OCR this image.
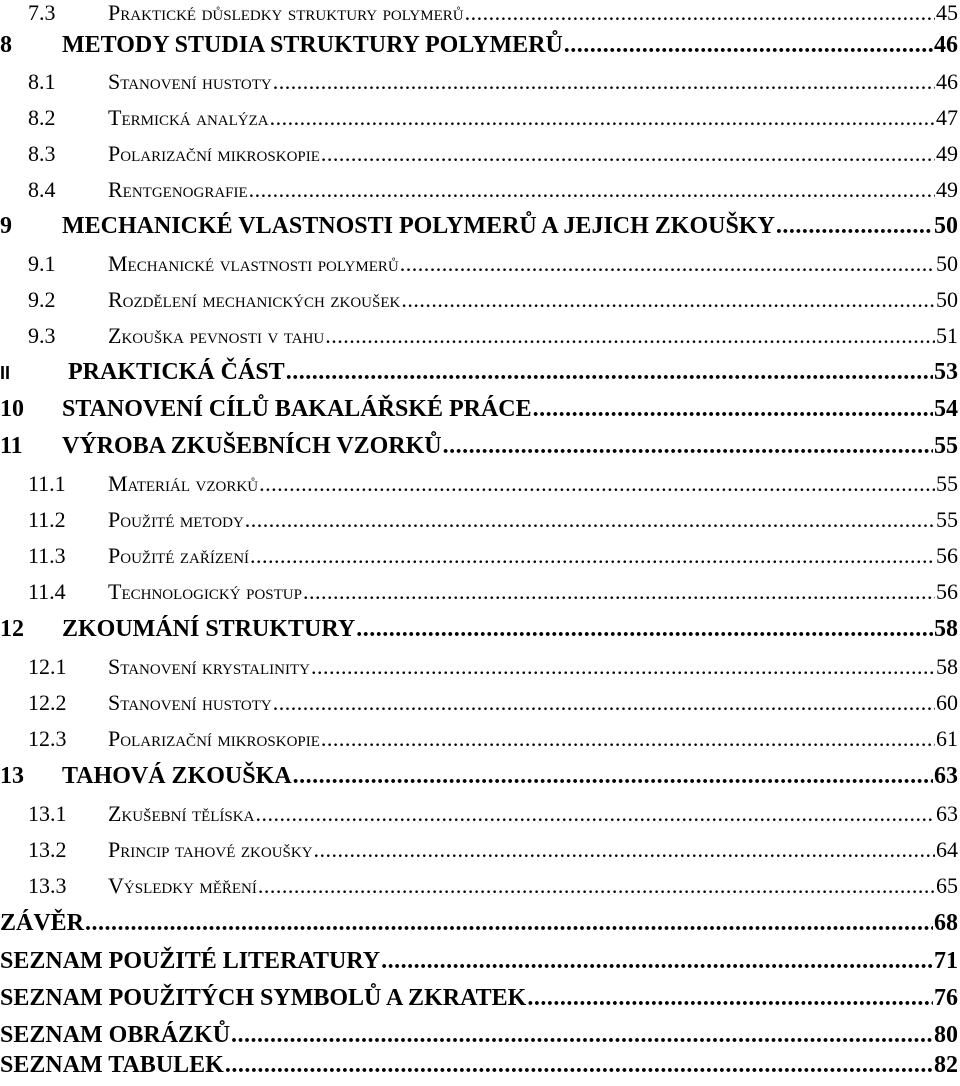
7.3	Praktické důsledky struktury polymerů .....	45
8	METODY STUDIA STRUKTURY POLYMERŮ .....	46
8.1	Stanovení hustoty .....	46
8.2	Termická analýza .....	47
8.3	Polarizační mikroskopie .....	49
8.4	Rentgenografie .....	49
9	MECHANICKÉ VLASTNOSTI POLYMERŮ A JEJICH ZKOUŠKY .....	50
9.1	Mechanické vlastnosti polymerů .....	50
9.2	Rozdělení mechanických zkoušek .....	50
9.3	Zkouška pevnosti v tahu .....	51
II	PRAKTICKÁ ČÁST .....	53
10	STANOVENÍ CÍLŮ BAKALÁŘSKÉ PRÁCE .....	54
11	VÝROBA ZKUŠEBNÍCH VZORKŮ .....	55
11.1	Materiál vzorků .....	55
11.2	Použité metody .....	55
11.3	Použité zařízení .....	56
11.4	Technologický postup .....	56
12	ZKOUMÁNÍ STRUKTURY .....	58
12.1	Stanovení krystalinity .....	58
12.2	Stanovení hustoty .....	60
12.3	Polarizační mikroskopie .....	61
13	TAHOVÁ ZKOUŠKA .....	63
13.1	Zkušební tělíska .....	63
13.2	Princip tahové zkoušky .....	64
13.3	Výsledky měření .....	65
ZÁVĚR .....	68
SEZNAM POUŽITÉ LITERATURY .....	71
SEZNAM POUŽITÝCH SYMBOLŮ A ZKRATEK .....	76
SEZNAM OBRÁZKŮ .....	80
SEZNAM TABULEK .....	82
